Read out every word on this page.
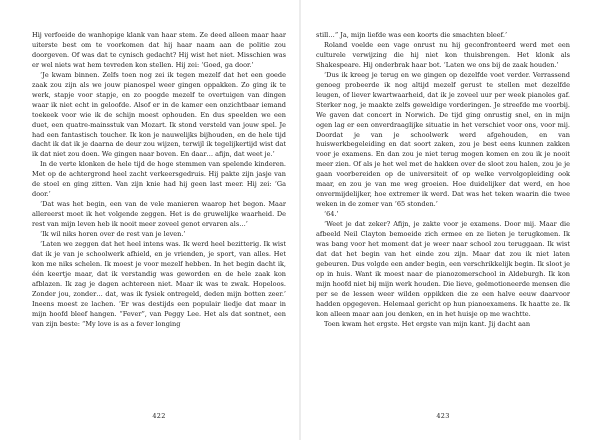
Hij verfoeide de wanhopige klank van haar stem. Ze deed alleen maar haar uiterste best om te voorkomen dat hij haar naam aan de politie zou doorgeven. Of was dat te cynisch gedacht? Hij wist het niet. Misschien was er wel niets wat hem tevreden kon stellen. Hij zei: ‘Goed, ga door.’

‘Je kwam binnen. Zelfs toen nog zei ik tegen mezelf dat het een goede zaak zou zijn als we jouw pianospel weer gingen oppakken. Zo ging ik te werk, stapje voor stapje, en zo poogde mezelf te overtuigen van dingen waar ik niet echt in geloofde. Alsof er in de kamer een onzichtbaar iemand toekeek voor wie ik de schijn moest ophouden. En dus speelden we een duet, een quatre-mainsstuk van Mozart. Ik stond versteld van jouw spel. Je had een fantastisch toucher. Ik kon je nauwelijks bijhouden, en de hele tijd dacht ik dat ik je daarna de deur zou wijzen, terwijl ik tegelijkertijd wist dat ik dat niet zou doen. We gingen naar boven. En daar… afijn, dat weet je.’

In de verte klonken de hele tijd de hoge stemmen van spelende kinderen. Met op de achtergrond heel zacht verkeersgedruis. Hij pakte zijn jasje van de stoel en ging zitten. Van zijn knie had hij geen last meer. Hij zei: ‘Ga door.’

‘Dat was het begin, een van de vele manieren waarop het begon. Maar allereerst moet ik het volgende zeggen. Het is de gruwelijke waarheid. De rest van mijn leven heb ik nooit meer zoveel genot ervaren als…’

‘Ik wil niks horen over de rest van je leven.’

‘Laten we zeggen dat het heel intens was. Ik werd heel bezitterig. Ik wist dat ik je van je schoolwerk afhield, en je vrienden, je sport, van alles. Het kon me niks schelen. Ik moest je voor mezelf hebben. In het begin dacht ik, één keertje maar, dat ik verstandig was geworden en de hele zaak kon afblazen. Ik zag je dagen achtereen niet. Maar ik was te zwak. Hopeloos. Zonder jou, zonder… dat, was ik fysiek ontregeld, deden mijn botten zeer.’ Ineens moest ze lachen. ‘Er was destijds een populair liedje dat maar in mijn hoofd bleef hangen. “Fever”, van Peggy Lee. Het als dat sontnet, een van zijn beste: “My love is as a fever longing

422

still…” Ja, mijn liefde was een koorts die smachten bleef.’

Roland voelde een vage onrust nu hij geconfronteerd werd met een culturele verwijzing die hij niet kon thuisbrengen. Het klonk als Shakespeare. Hij onderbrak haar bot. ‘Laten we ons bij de zaak houden.’

‘Dus ik kreeg je terug en we gingen op dezelfde voet verder. Verrassend genoeg probeerde ik nog altijd mezelf gerust te stellen met dezelfde leugen, of liever kwartwaarheid, dat ik je zoveel uur per week pianoles gaf. Sterker nog, je maakte zelfs geweldige vorderingen. Je streefde me voorbij. We gaven dat concert in Norwich. De tijd ging onrustig snel, en in mijn ogen lag er een onverdraaglijke situatie in het verschiet voor ons, voor mij. Doordat je van je schoolwerk werd afgehouden, en van huiswerkbegeleiding en dat soort zaken, zou je best eens kunnen zakken voor je examens. En dan zou je niet terug mogen komen en zou ik je nooit meer zien. Of als je het wel met de hakken over de sloot zou halen, zou je je gaan voorbereiden op de universiteit of op welke vervolgopleiding ook maar, en zou je van me weg groeien. Hoe duidelijker dat werd, en hoe onvermijdelijker, hoe extremer ik werd. Dat was het teken waarin die twee weken in de zomer van ’65 stonden.’

‘64.’

‘Weet je dat zeker? Afijn, je zakte voor je examens. Door mij. Maar die afbeeld Neil Clayton bemoeide zich ermee en ze lieten je terugkomen. Ik was bang voor het moment dat je weer naar school zou teruggaan. Ik wist dat dat het begin van het einde zou zijn. Maar dat zou ik niet laten gebeuren. Dus volgde een ander begin, een verschrikkelijk begin. Ik sloot je op in huis. Want ik moest naar de pianozomerschool in Aldeburgh. Ik kon mijn hoofd niet bij mijn werk houden. Die lieve, geëmotioneerde mensen die per se de lessen weer wilden oppikken die ze een halve eeuw daarvoor hadden opgegeven. Helemaal gericht op hun pianoexamens. Ik haatte ze. Ik kon alleen maar aan jou denken, en in het huisje op me wachtte.

Toen kwam het ergste. Het ergste van mijn kant. Jij dacht aan

423
